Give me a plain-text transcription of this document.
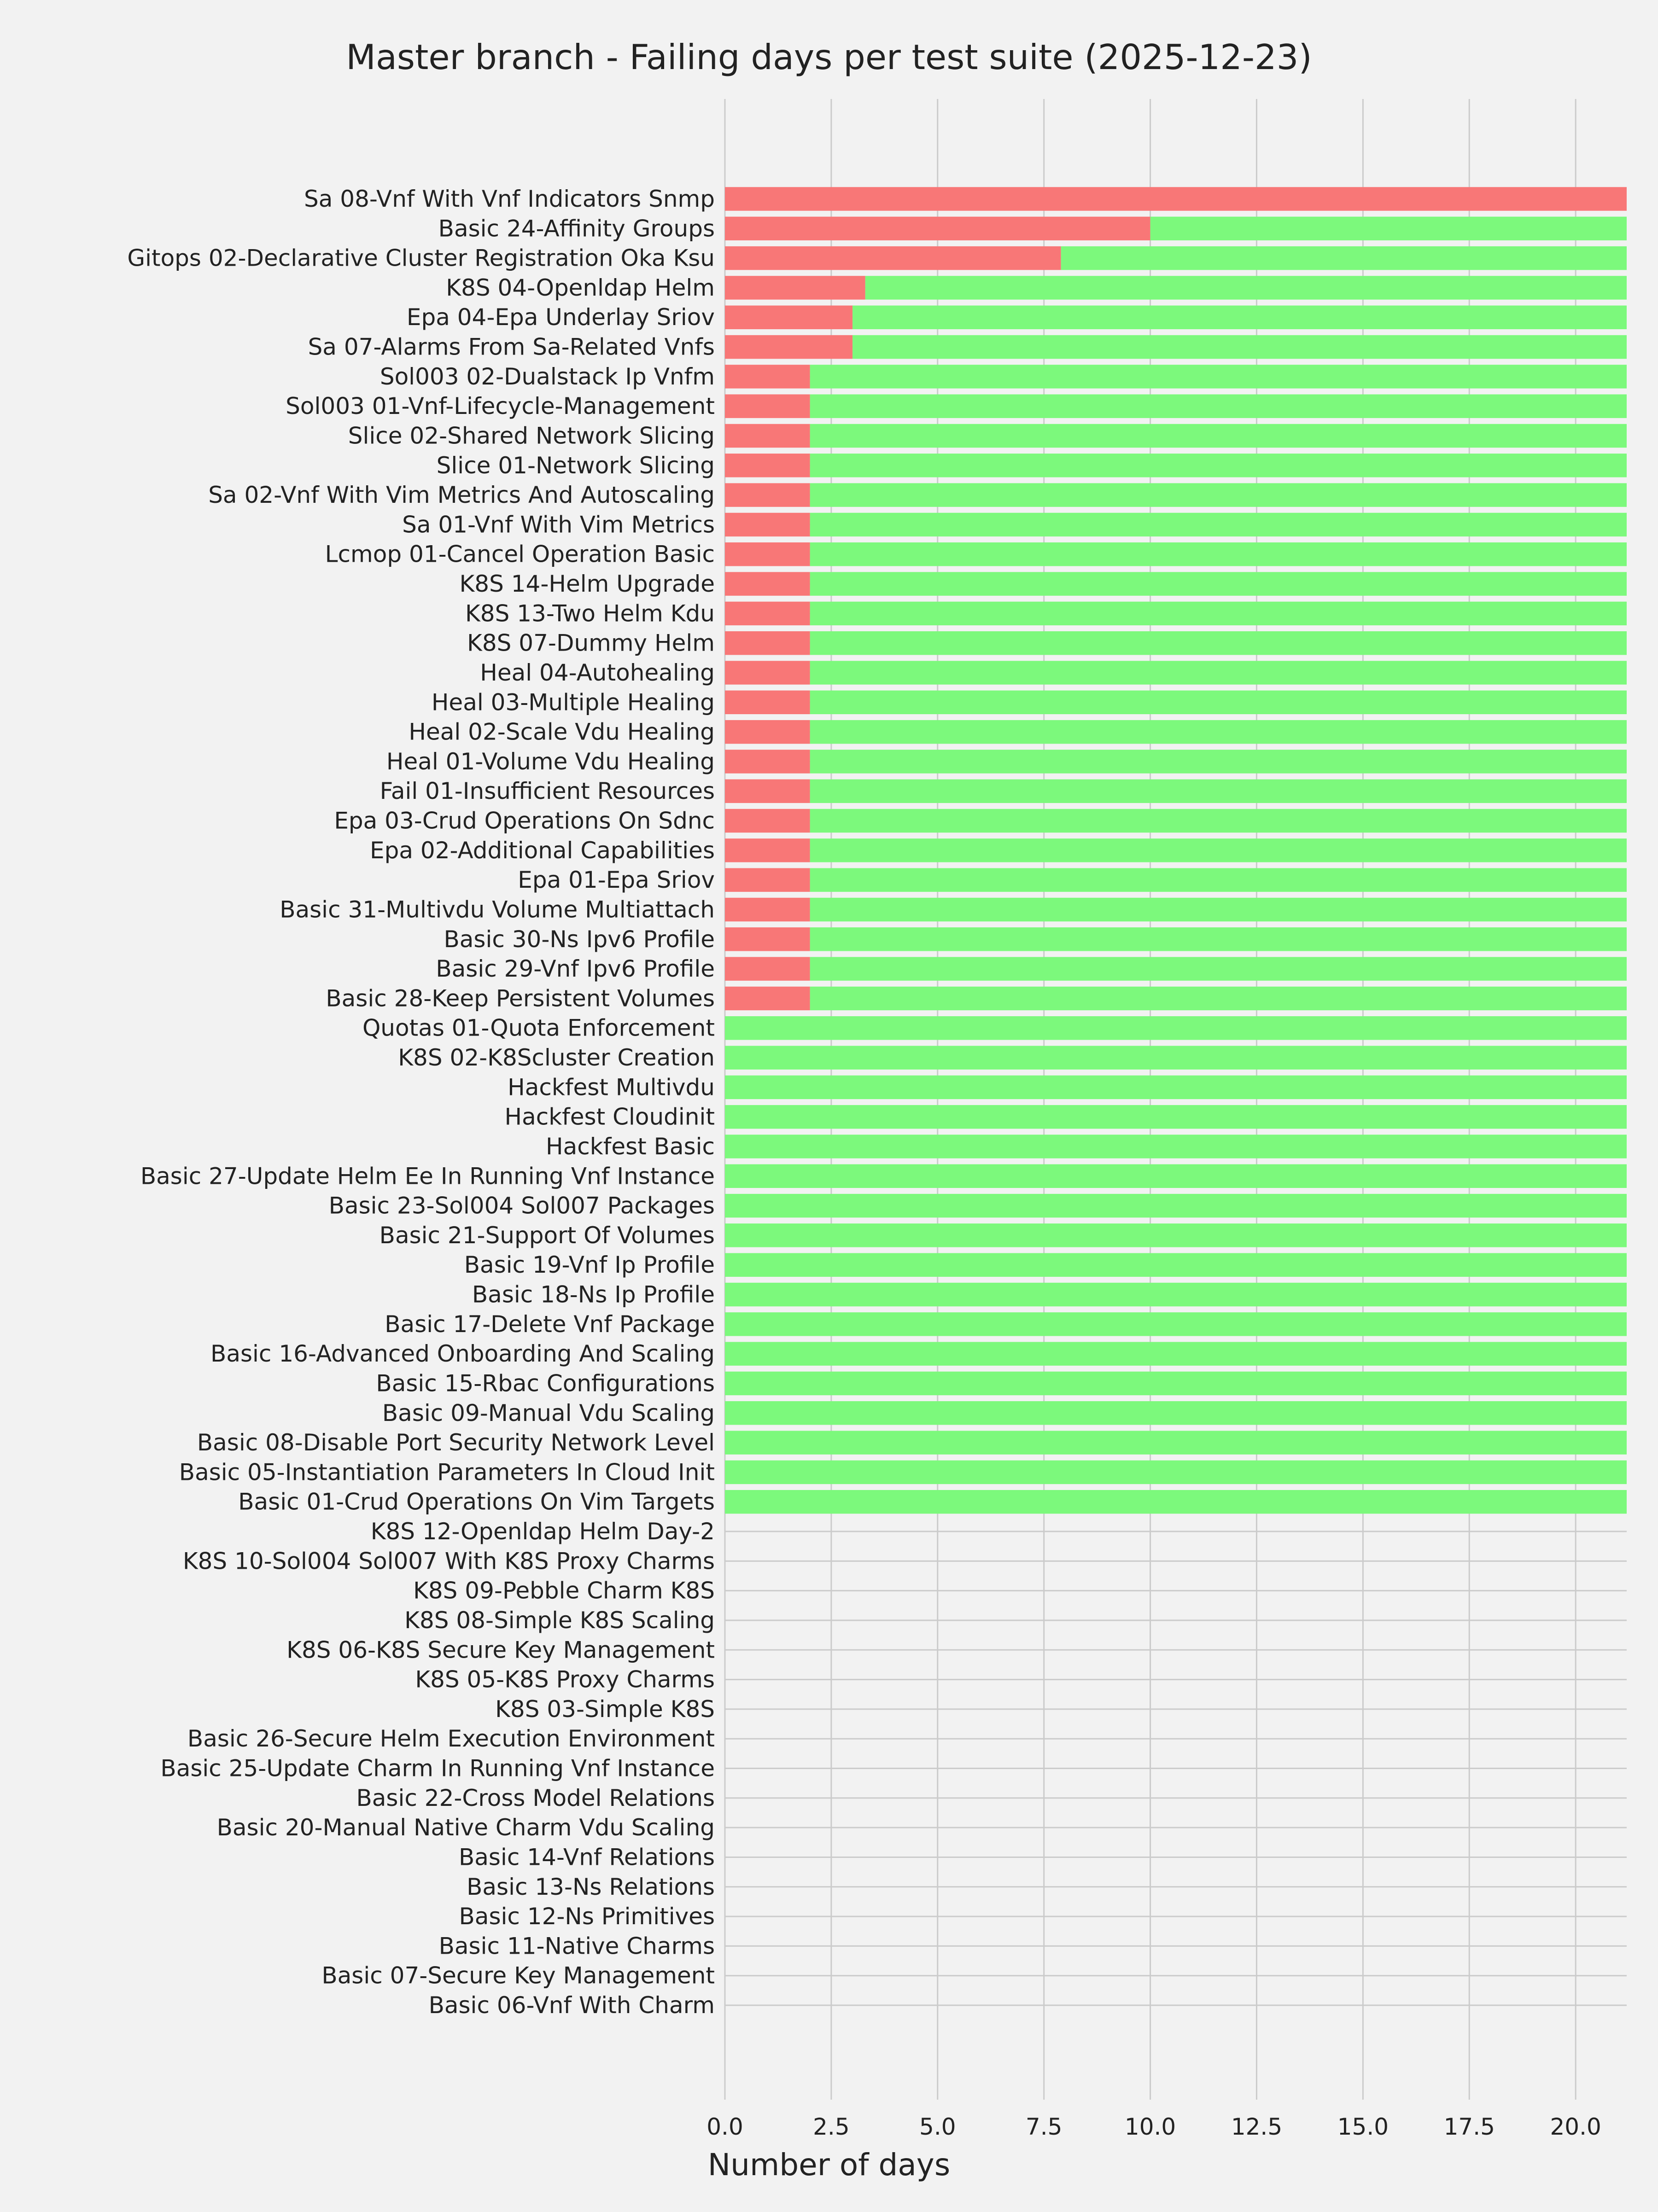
Sa 08-Vnf With Vnf Indicators Snmp
Basic 24-Affinity Groups
Gitops 02-Declarative Cluster Registration Oka Ksu
K8S 04-Openldap Helm
Epa 04-Epa Underlay Sriov
Sa 07-Alarms From Sa-Related Vnfs
Sol003 02-Dualstack Ip Vnfm
Sol003 01-Vnf-Lifecycle-Management
Slice 02-Shared Network Slicing
Slice 01-Network Slicing
Sa 02-Vnf With Vim Metrics And Autoscaling
Sa 01-Vnf With Vim Metrics
Lcmop 01-Cancel Operation Basic
K8S 14-Helm Upgrade
K8S 13-Two Helm Kdu
K8S 07-Dummy Helm
Heal 04-Autohealing
Heal 03-Multiple Healing
Heal 02-Scale Vdu Healing
Heal 01-Volume Vdu Healing
Fail 01-Insufficient Resources
Epa 03-Crud Operations On Sdnc
Epa 02-Additional Capabilities
Epa 01-Epa Sriov
Basic 31-Multivdu Volume Multiattach
Basic 30-Ns Ipv6 Profile
Basic 29-Vnf Ipv6 Profile
Basic 28-Keep Persistent Volumes
Quotas 01-Quota Enforcement
K8S 02-K8Scluster Creation
Hackfest Multivdu
Hackfest Cloudinit
Hackfest Basic
Basic 27-Update Helm Ee In Running Vnf Instance
Basic 23-Sol004 Sol007 Packages
Basic 21-Support Of Volumes
Basic 19-Vnf Ip Profile
Basic 18-Ns Ip Profile
Basic 17-Delete Vnf Package
Basic 16-Advanced Onboarding And Scaling
Basic 15-Rbac Configurations
Basic 09-Manual Vdu Scaling
Basic 08-Disable Port Security Network Level
Basic 05-Instantiation Parameters In Cloud Init
Basic 01-Crud Operations On Vim Targets
K8S 12-Openldap Helm Day-2
K8S 10-Sol004 Sol007 With K8S Proxy Charms
K8S 09-Pebble Charm K8S
K8S 08-Simple K8S Scaling
K8S 06-K8S Secure Key Management
K8S 05-K8S Proxy Charms
K8S 03-Simple K8S
Basic 26-Secure Helm Execution Environment
Basic 25-Update Charm In Running Vnf Instance
Basic 22-Cross Model Relations
Basic 20-Manual Native Charm Vdu Scaling
Basic 14-Vnf Relations
Basic 13-Ns Relations
Basic 12-Ns Primitives
Basic 11-Native Charms
Basic 07-Secure Key Management
Basic 06-Vnf With Charm
0.0	2.5	5.0	7.5	10.0 12.5 15.0 17.5 20.0
Master branch - Failing days per test suite (2025-12-23)
Number of days
